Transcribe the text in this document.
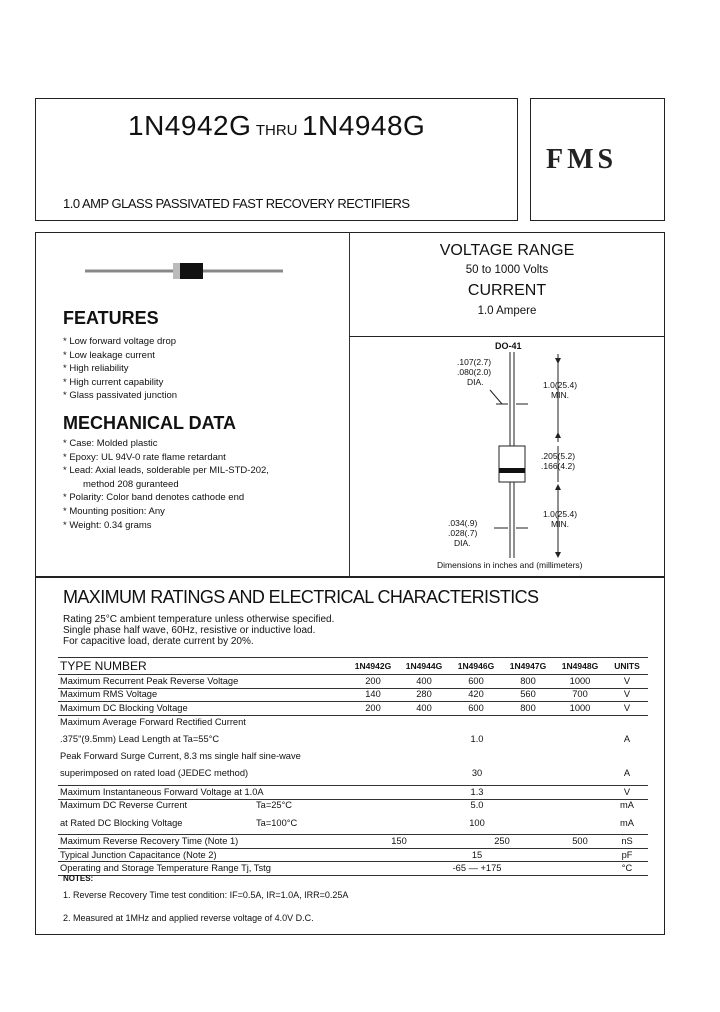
1N4942G THRU 1N4948G
1.0 AMP GLASS PASSIVATED FAST RECOVERY RECTIFIERS
FMS
FEATURES
* Low forward voltage drop
* Low leakage current
* High reliability
* High current capability
* Glass passivated junction
MECHANICAL DATA
* Case: Molded plastic
* Epoxy: UL 94V-0 rate flame retardant
* Lead: Axial leads, solderable per MIL-STD-202,
method 208 guranteed
* Polarity: Color band denotes cathode end
* Mounting position: Any
* Weight: 0.34 grams
VOLTAGE RANGE
50 to 1000 Volts
CURRENT
1.0 Ampere
DO-41
.107(2.7)
.080(2.0)
DIA.	1.0(25.4)
MIN.
.205(5.2)
.166(4.2)
1.0(25.4)
MIN.
.034(.9)
.028(.7)
DIA.
Dimensions in inches and (millimeters)
MAXIMUM RATINGS AND ELECTRICAL CHARACTERISTICS
Rating 25°C ambient temperature unless otherwise specified.
Single phase half wave, 60Hz, resistive or inductive load.
For capacitive load, derate current by 20%.
TYPE NUMBER	1N4942G	1N4944G	1N4946G	1N4947G	1N4948G	UNITS
Maximum Recurrent Peak Reverse Voltage	200	400	600	800	1000	V
Maximum RMS Voltage	140	280	420	560	700	V
Maximum DC Blocking Voltage	200	400	600	800	1000	V
Maximum Average Forward Rectified Current						
.375"(9.5mm) Lead Length at Ta=55°C	1.0					A
Peak Forward Surge Current, 8.3 ms single half sine-wave						
superimposed on rated load (JEDEC method)	30					A
Maximum Instantaneous Forward Voltage at 1.0A	1.3					V
Maximum DC Reverse Current Ta=25°C	5.0					mA
at Rated DC Blocking Voltage Ta=100°C	100					mA
Maximum Reverse Recovery Time (Note 1)	150		250		500	nS
Typical Junction Capacitance (Note 2)	15					pF
Operating and Storage Temperature Range Tj, Tstg	-65 — +175					°C
NOTES:
1. Reverse Recovery Time test condition: IF=0.5A, IR=1.0A, IRR=0.25A
2. Measured at 1MHz and applied reverse voltage of 4.0V D.C.
